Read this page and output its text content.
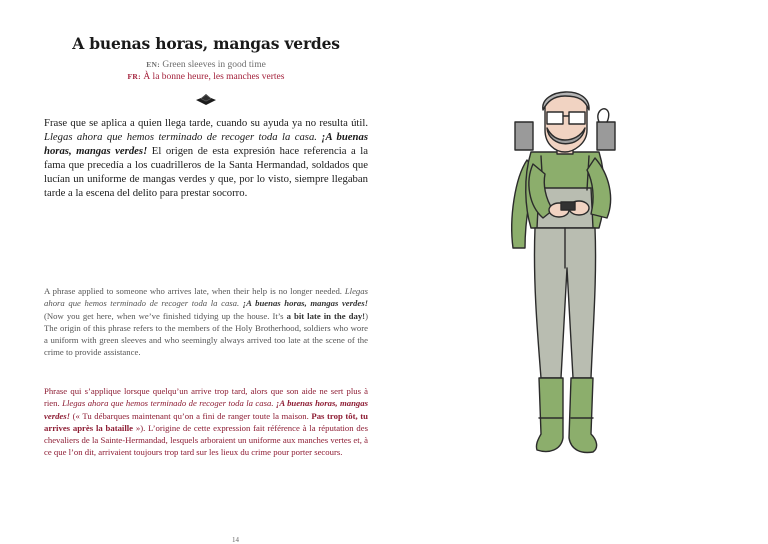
A buenas horas, mangas verdes
EN: Green sleeves in good time
FR: À la bonne heure, les manches vertes
Frase que se aplica a quien llega tarde, cuando su ayuda ya no resulta útil. Llegas ahora que hemos terminado de recoger toda la casa. ¡A buenas horas, mangas verdes! El origen de esta expresión hace referencia a la fama que precedía a los cuadrilleros de la Santa Hermandad, soldados que lucían un uniforme de mangas verdes y que, por lo visto, siempre llegaban tarde a la escena del delito para prestar socorro.
A phrase applied to someone who arrives late, when their help is no longer needed. Llegas ahora que hemos terminado de recoger toda la casa. ¡A buenas horas, mangas verdes! (Now you get here, when we’ve finished tidying up the house. It’s a bit late in the day!) The origin of this phrase refers to the members of the Holy Brotherhood, soldiers who wore a uniform with green sleeves and who seemingly always arrived too late at the scene of the crime to provide assistance.
Phrase qui s’applique lorsque quelqu’un arrive trop tard, alors que son aide ne sert plus à rien. Llegas ahora que hemos terminado de recoger toda la casa. ¡A buenas horas, mangas verdes! (« Tu débarques maintenant qu’on a fini de ranger toute la maison. Pas trop tôt, tu arrives après la bataille »). L’origine de cette expression fait référence à la réputation des chevaliers de la Sainte-Hermandad, lesquels arboraient un uniforme aux manches vertes et, à ce que l’on dit, arrivaient toujours trop tard sur les lieux du crime pour porter secours.
14
